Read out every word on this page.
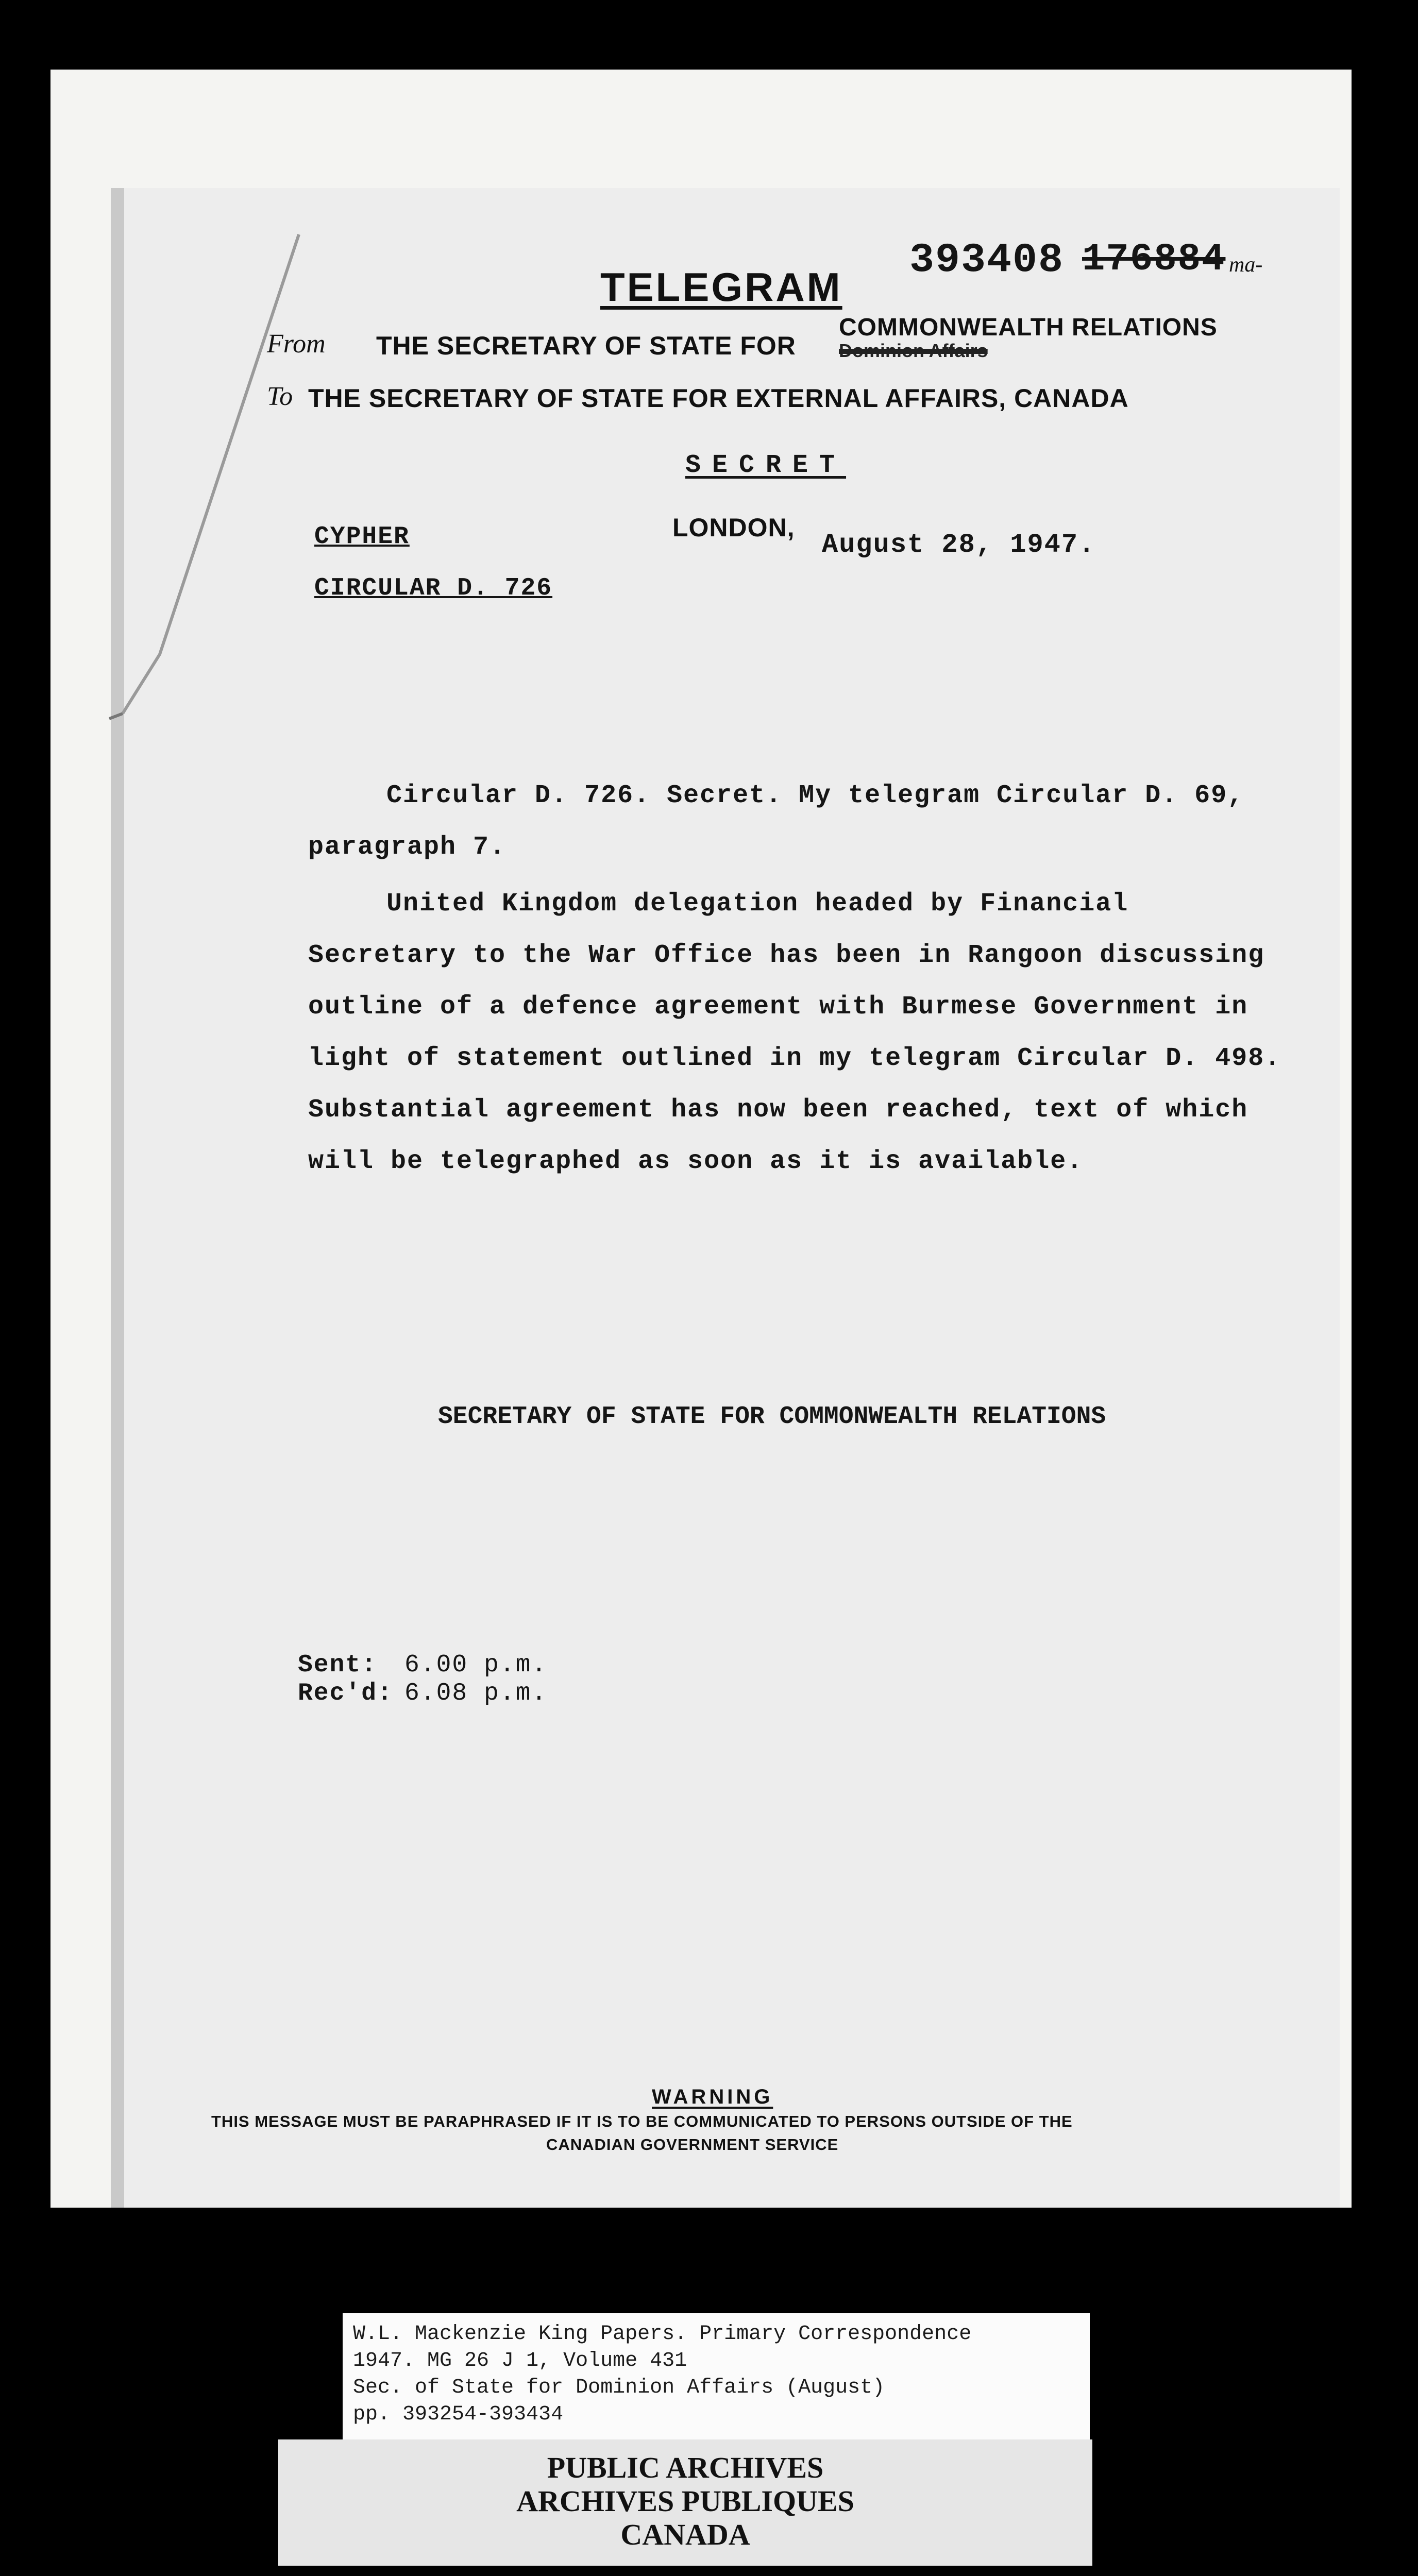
TELEGRAM
393408 176884 ma-
From THE SECRETARY OF STATE FOR
COMMONWEALTH RELATIONS
Dominion Affairs
To THE SECRETARY OF STATE FOR EXTERNAL AFFAIRS, CANADA
SECRET
CYPHER
CIRCULAR D. 726
LONDON,
August 28, 1947.

Circular D. 726. Secret. My telegram Circular D. 69, paragraph 7.

United Kingdom delegation headed by Financial Secretary to the War Office has been in Rangoon discussing outline of a defence agreement with Burmese Government in light of statement outlined in my telegram Circular D. 498. Substantial agreement has now been reached, text of which will be telegraphed as soon as it is available.

SECRETARY OF STATE FOR COMMONWEALTH RELATIONS
Sent: 6.00 p.m.
Rec'd: 6.08 p.m.
WARNING
THIS MESSAGE MUST BE PARAPHRASED IF IT IS TO BE COMMUNICATED TO PERSONS OUTSIDE OF THE
CANADIAN GOVERNMENT SERVICE
W.L. Mackenzie King Papers. Primary Correspondence
1947. MG 26 J 1, Volume 431
Sec. of State for Dominion Affairs (August)
pp. 393254-393434
PUBLIC ARCHIVES
ARCHIVES PUBLIQUES
CANADA
